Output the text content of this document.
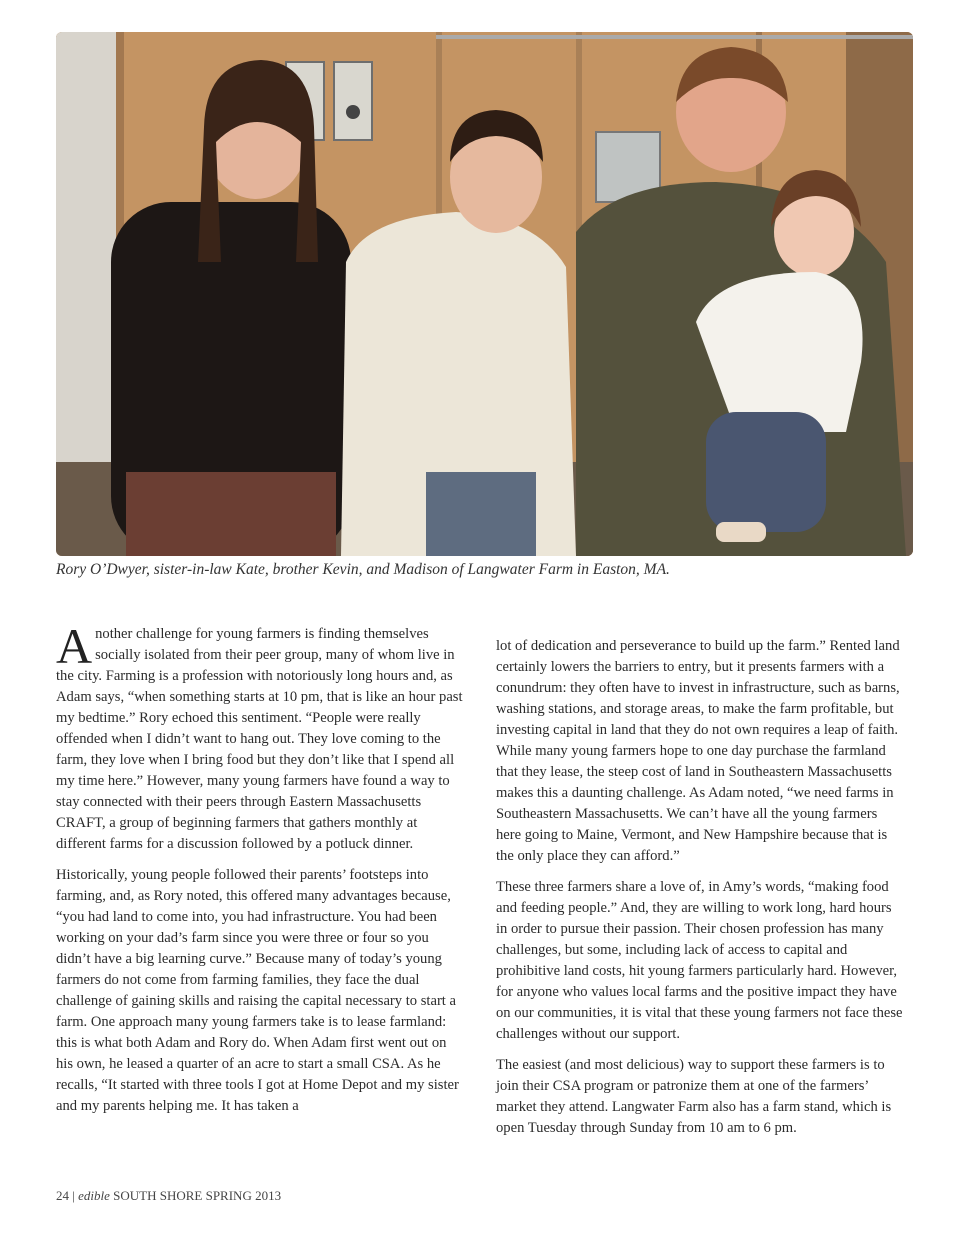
Rory O’Dwyer, sister-in-law Kate, brother Kevin, and Madison of Langwater Farm in Easton, MA.

A nother challenge for young farmers is finding themselves socially isolated from their peer group, many of whom live in the city. Farming is a profession with notoriously long hours and, as Adam says, “when something starts at 10 pm, that is like an hour past my bedtime.” Rory echoed this sentiment. “People were really offended when I didn’t want to hang out. They love coming to the farm, they love when I bring food but they don’t like that I spend all my time here.” However, many young farmers have found a way to stay connected with their peers through Eastern Massachusetts CRAFT, a group of beginning farmers that gathers monthly at different farms for a discussion followed by a potluck dinner.

Historically, young people followed their parents’ footsteps into farming, and, as Rory noted, this offered many advantages because, “you had land to come into, you had infrastructure. You had been working on your dad’s farm since you were three or four so you didn’t have a big learning curve.” Because many of today’s young farmers do not come from farming families, they face the dual challenge of gaining skills and raising the capital necessary to start a farm. One approach many young farmers take is to lease farmland: this is what both Adam and Rory do. When Adam first went out on his own, he leased a quarter of an acre to start a small CSA. As he recalls, “It started with three tools I got at Home Depot and my sister and my parents helping me. It has taken a

lot of dedication and perseverance to build up the farm.” Rented land certainly lowers the barriers to entry, but it presents farmers with a conundrum: they often have to invest in infrastructure, such as barns, washing stations, and storage areas, to make the farm profitable, but investing capital in land that they do not own requires a leap of faith. While many young farmers hope to one day purchase the farmland that they lease, the steep cost of land in Southeastern Massachusetts makes this a daunting challenge. As Adam noted, “we need farms in Southeastern Massachusetts. We can’t have all the young farmers here going to Maine, Vermont, and New Hampshire because that is the only place they can afford.”

These three farmers share a love of, in Amy’s words, “making food and feeding people.” And, they are willing to work long, hard hours in order to pursue their passion. Their chosen profession has many challenges, but some, including lack of access to capital and prohibitive land costs, hit young farmers particularly hard. However, for anyone who values local farms and the positive impact they have on our communities, it is vital that these young farmers not face these challenges without our support.

The easiest (and most delicious) way to support these farmers is to join their CSA program or patronize them at one of the farmers’ market they attend. Langwater Farm also has a farm stand, which is open Tuesday through Sunday from 10 am to 6 pm.

24 | edible SOUTH SHORE SPRING 2013
